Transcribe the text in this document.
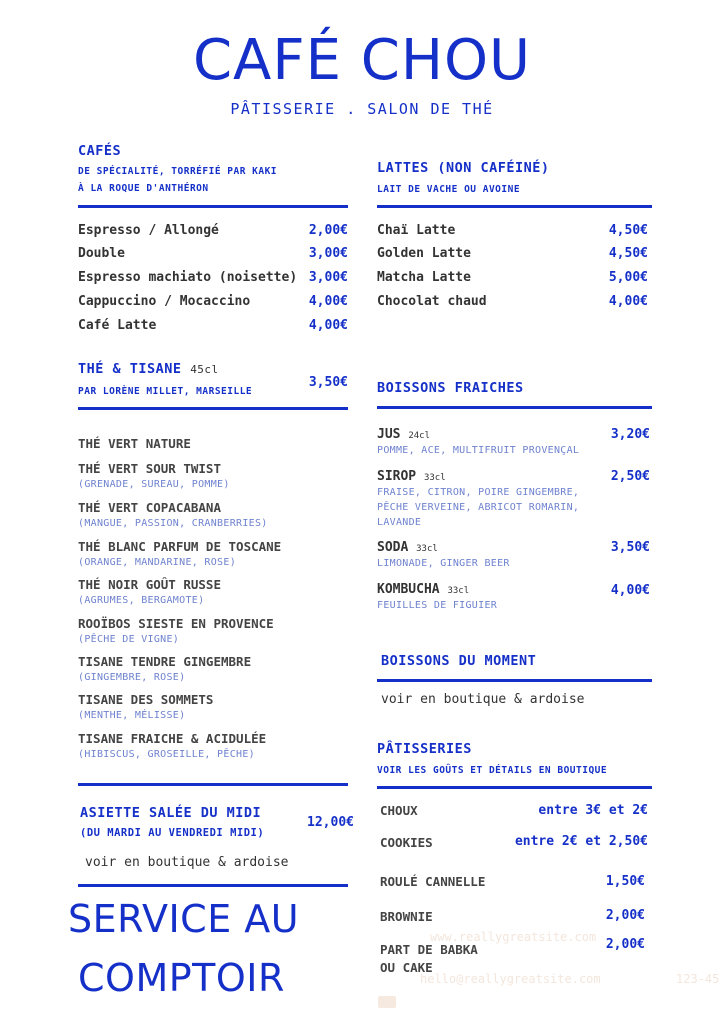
CAFÉ CHOU
PÂTISSERIE . SALON DE THÉ
CAFÉS
DE SPÉCIALITÉ, TORRÉFIÉ PAR KAKI
À LA ROQUE D'ANTHÉRON
Espresso / Allongé	2,00€
Double	3,00€
Espresso machiato (noisette) 3,00€
Cappuccino / Mocaccino	4,00€
Café Latte	4,00€
LATTES (NON CAFÉINÉ)
LAIT DE VACHE OU AVOINE
Chaï Latte	4,50€
Golden Latte	4,50€
Matcha Latte	5,00€
Chocolat chaud	4,00€
THÉ & TISANE 45cl
PAR LORÈNE MILLET, MARSEILLE
3,50€
THÉ VERT NATURE
THÉ VERT SOUR TWIST
(GRENADE, SUREAU, POMME)
THÉ VERT COPACABANA
(MANGUE, PASSION, CRANBERRIES)
THÉ BLANC PARFUM DE TOSCANE
(ORANGE, MANDARINE, ROSE)
THÉ NOIR GOÛT RUSSE
(AGRUMES, BERGAMOTE)
ROOÏBOS SIESTE EN PROVENCE
(PÊCHE DE VIGNE)
TISANE TENDRE GINGEMBRE
(GINGEMBRE, ROSE)
TISANE DES SOMMETS
(MENTHE, MÉLISSE)
TISANE FRAICHE & ACIDULÉE
(HIBISCUS, GROSEILLE, PÊCHE)
BOISSONS FRAICHES
JUS 24cl	3,20€
POMME, ACE, MULTIFRUIT PROVENÇAL
SIROP 33cl	2,50€
FRAISE, CITRON, POIRE GINGEMBRE,
PÊCHE VERVEINE, ABRICOT ROMARIN,
LAVANDE
SODA 33cl	3,50€
LIMONADE, GINGER BEER
KOMBUCHA 33cl	4,00€
FEUILLES DE FIGUIER
BOISSONS DU MOMENT
voir en boutique & ardoise
PÂTISSERIES
VOIR LES GOÛTS ET DÉTAILS EN BOUTIQUE
CHOUX	entre 3€ et 2€
COOKIES	entre 2€ et 2,50€
ROULÉ CANNELLE	1,50€
BROWNIE	2,00€
PART DE BABKA
OU CAKE
2,00€
www.reallygreatsite.com
hello@reallygreatsite.com	123-45
ASIETTE SALÉE DU MIDI
(DU MARDI AU VENDREDI MIDI)
12,00€
voir en boutique & ardoise
SERVICE AU
COMPTOIR
